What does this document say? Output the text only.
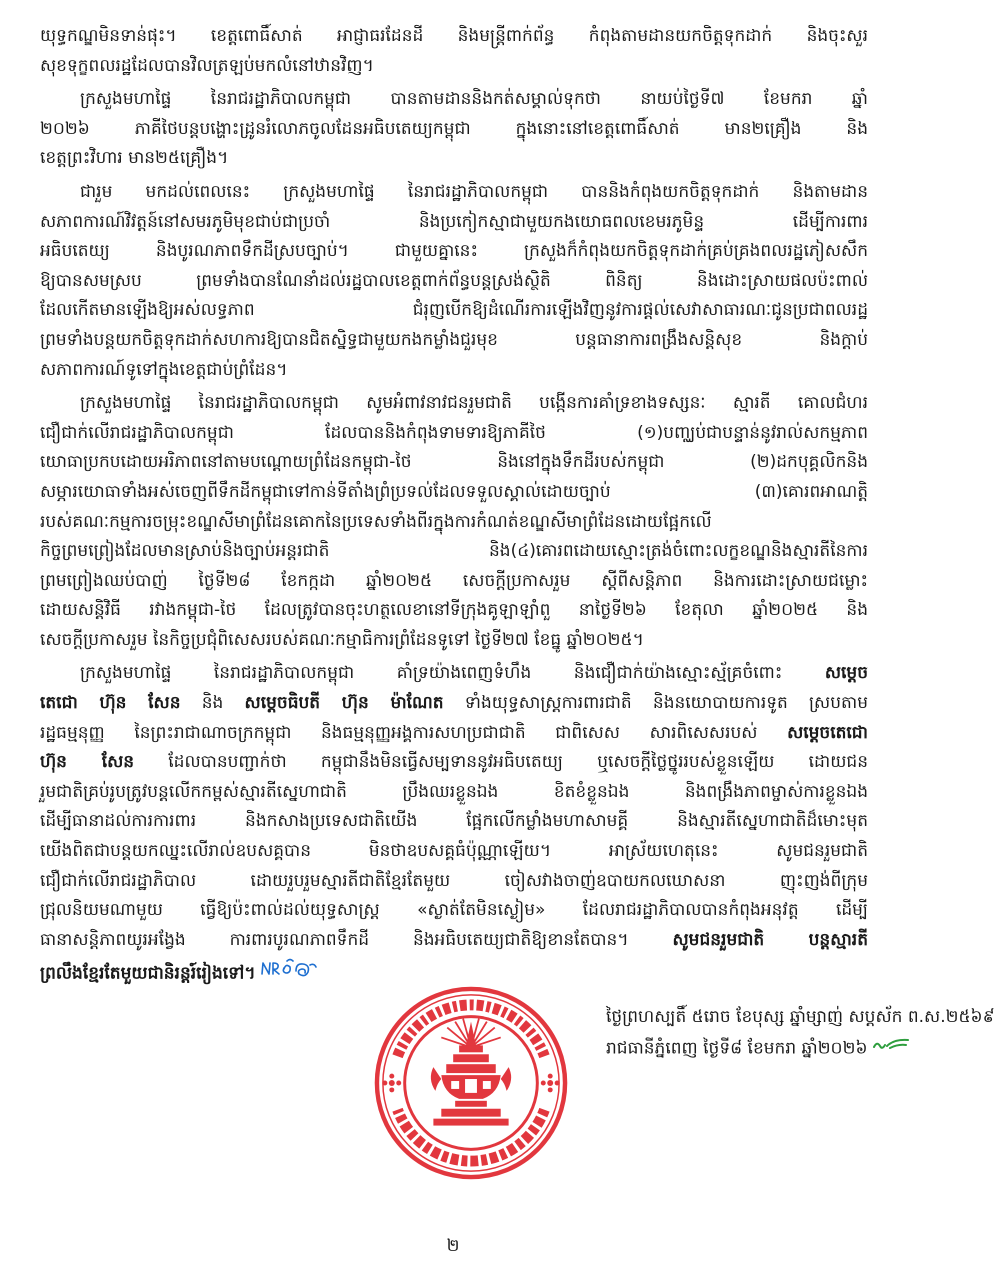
យុទ្ធកណ្ឌមិនទាន់ផុះ។ ខេត្តពោធិ៍សាត់ អាជ្ញាធរដែនដី និងមន្ត្រីពាក់ព័ន្ធ កំពុងតាមដានយកចិត្តទុកដាក់ និងចុះសួរ
សុខទុក្ខពលរដ្ឋដែលបានវិលត្រឡប់មកលំនៅឋានវិញ។
ក្រសួងមហាផ្ទៃ នៃរាជរដ្ឋាភិបាលកម្ពុជា បានតាមដាននិងកត់សម្គាល់ទុកថា នាយប់ថ្ងៃទី៧ ខែមករា ឆ្នាំ
២០២៦ ភាគីថៃបន្តបង្ហោះដ្រូនរំលោភចូលដែនអធិបតេយ្យកម្ពុជា ក្នុងនោះនៅខេត្តពោធិ៍សាត់ មាន២គ្រឿង និង
ខេត្តព្រះវិហារ មាន២៥គ្រឿង។
ជារួម មកដល់ពេលនេះ ក្រសួងមហាផ្ទៃ នៃរាជរដ្ឋាភិបាលកម្ពុជា បាននិងកំពុងយកចិត្តទុកដាក់ និងតាមដាន
សភាពការណ៍វិវត្តន៍នៅសមរភូមិមុខជាប់ជាប្រចាំ និងប្រកៀកស្មាជាមួយកងយោធពលខេមរភូមិន្ទ ដើម្បីការពារ
អធិបតេយ្យ និងបូរណភាពទឹកដីស្របច្បាប់។ ជាមួយគ្នានេះ ក្រសួងក៏កំពុងយកចិត្តទុកដាក់គ្រប់គ្រងពលរដ្ឋភៀសសឹក
ឱ្យបានសមស្រប ព្រមទាំងបានណែនាំដល់រដ្ឋបាលខេត្តពាក់ព័ន្ធបន្តស្រង់ស្ថិតិ ពិនិត្យ និងដោះស្រាយផលប៉ះពាល់
ដែលកើតមានឡើងឱ្យអស់លទ្ធភាព ជំរុញបើកឱ្យដំណើរការឡើងវិញនូវការផ្តល់សេវាសាធារណៈជូនប្រជាពលរដ្ឋ
ព្រមទាំងបន្តយកចិត្តទុកដាក់សហការឱ្យបានជិតស្និទ្ធជាមួយកងកម្លាំងជួរមុខ បន្តធានាការពង្រឹងសន្តិសុខ និងក្តាប់
សភាពការណ៍ទូទៅក្នុងខេត្តជាប់ព្រំដែន។
ក្រសួងមហាផ្ទៃ នៃរាជរដ្ឋាភិបាលកម្ពុជា សូមអំពាវនាវជនរួមជាតិ បង្កើនការគាំទ្រខាងទស្សនៈ ស្មារតី គោលជំហរ
ជឿជាក់លើរាជរដ្ឋាភិបាលកម្ពុជា ដែលបាននិងកំពុងទាមទារឱ្យភាគីថៃ (១)បញ្ឈប់ជាបន្ទាន់នូវរាល់សកម្មភាព
យោធាប្រកបដោយអរិភាពនៅតាមបណ្តោយព្រំដែនកម្ពុជា-ថៃ និងនៅក្នុងទឹកដីរបស់កម្ពុជា (២)ដកបុគ្គលិកនិង
សម្ភារយោធាទាំងអស់ចេញពីទឹកដីកម្ពុជាទៅកាន់ទីតាំងព្រំប្រទល់ដែលទទួលស្គាល់ដោយច្បាប់ (៣)គោរពអាណត្តិ
របស់គណៈកម្មការចម្រុះខណ្ឌសីមាព្រំដែនគោកនៃប្រទេសទាំងពីរក្នុងការកំណត់ខណ្ឌសីមាព្រំដែនដោយផ្អែកលើ
កិច្ចព្រមព្រៀងដែលមានស្រាប់និងច្បាប់អន្តរជាតិ និង(៤)គោរពដោយស្មោះត្រង់ចំពោះលក្ខខណ្ឌនិងស្មារតីនៃការ
ព្រមព្រៀងឈប់បាញ់ ថ្ងៃទី២៨ ខែកក្កដា ឆ្នាំ២០២៥ សេចក្តីប្រកាសរួម ស្តីពីសន្តិភាព និងការដោះស្រាយជម្លោះ
ដោយសន្តិវិធី រវាងកម្ពុជា-ថៃ ដែលត្រូវបានចុះហត្ថលេខានៅទីក្រុងគូឡាឡាំពួ នាថ្ងៃទី២៦ ខែតុលា ឆ្នាំ២០២៥ និង
សេចក្តីប្រកាសរួម នៃកិច្ចប្រជុំពិសេសរបស់គណៈកម្មាធិការព្រំដែនទូទៅ ថ្ងៃទី២៧ ខែធ្នូ ឆ្នាំ២០២៥។
ក្រសួងមហាផ្ទៃ នៃរាជរដ្ឋាភិបាលកម្ពុជា គាំទ្រយ៉ាងពេញទំហឹង និងជឿជាក់យ៉ាងស្មោះស្ម័គ្រចំពោះ សម្តេច
តេជោ ហ៊ុន សែន និង សម្តេចធិបតី ហ៊ុន ម៉ាណែត ទាំងយុទ្ធសាស្ត្រការពារជាតិ និងនយោបាយការទូត ស្របតាម
រដ្ឋធម្មនុញ្ញ នៃព្រះរាជាណាចក្រកម្ពុជា និងធម្មនុញ្ញអង្គការសហប្រជាជាតិ ជាពិសេស សារពិសេសរបស់ សម្តេចតេជោ
ហ៊ុន សែន ដែលបានបញ្ជាក់ថា កម្ពុជានឹងមិនធ្វើសម្បទាននូវអធិបតេយ្យ ឬសេចក្តីថ្លៃថ្នូររបស់ខ្លួនឡើយ ដោយជន
រួមជាតិគ្រប់រូបត្រូវបន្តលើកកម្ពស់ស្មារតីស្នេហាជាតិ ប្រឹងឈរខ្លួនឯង ខិតខំខ្លួនឯង និងពង្រឹងភាពម្ចាស់ការខ្លួនឯង
ដើម្បីធានាដល់ការការពារ និងកសាងប្រទេសជាតិយើង ផ្អែកលើកម្លាំងមហាសាមគ្គី និងស្មារតីស្នេហាជាតិដ៏មោះមុត
យើងពិតជាបន្តយកឈ្នះលើរាល់ឧបសគ្គបាន មិនថាឧបសគ្គធំប៉ុណ្ណាឡើយ។ អាស្រ័យហេតុនេះ សូមជនរួមជាតិ
ជឿជាក់លើរាជរដ្ឋាភិបាល ដោយរួបរួមស្មារតីជាតិខ្មែរតែមួយ ចៀសវាងចាញ់ឧបាយកលឃោសនា ញុះញង់ពីក្រុម
ជ្រុលនិយមណាមួយ ធ្វើឱ្យប៉ះពាល់ដល់យុទ្ធសាស្ត្រ «ស្ងាត់តែមិនស្ងៀម» ដែលរាជរដ្ឋាភិបាលបានកំពុងអនុវត្ត ដើម្បី
ធានាសន្តិភាពយូរអង្វែង ការពារបូរណភាពទឹកដី និងអធិបតេយ្យជាតិឱ្យខានតែបាន។ សូមជនរួមជាតិ បន្តស្មារតី
ព្រលឹងខ្មែរតែមួយជានិរន្តរ៍រៀងទៅ។
ថ្ងៃព្រហស្បតិ៍ ៥រោច ខែបុស្ស ឆ្នាំម្សាញ់ សប្តស័ក ព.ស.២៥៦៩
រាជធានីភ្នំពេញ ថ្ងៃទី៨ ខែមករា ឆ្នាំ២០២៦
២
